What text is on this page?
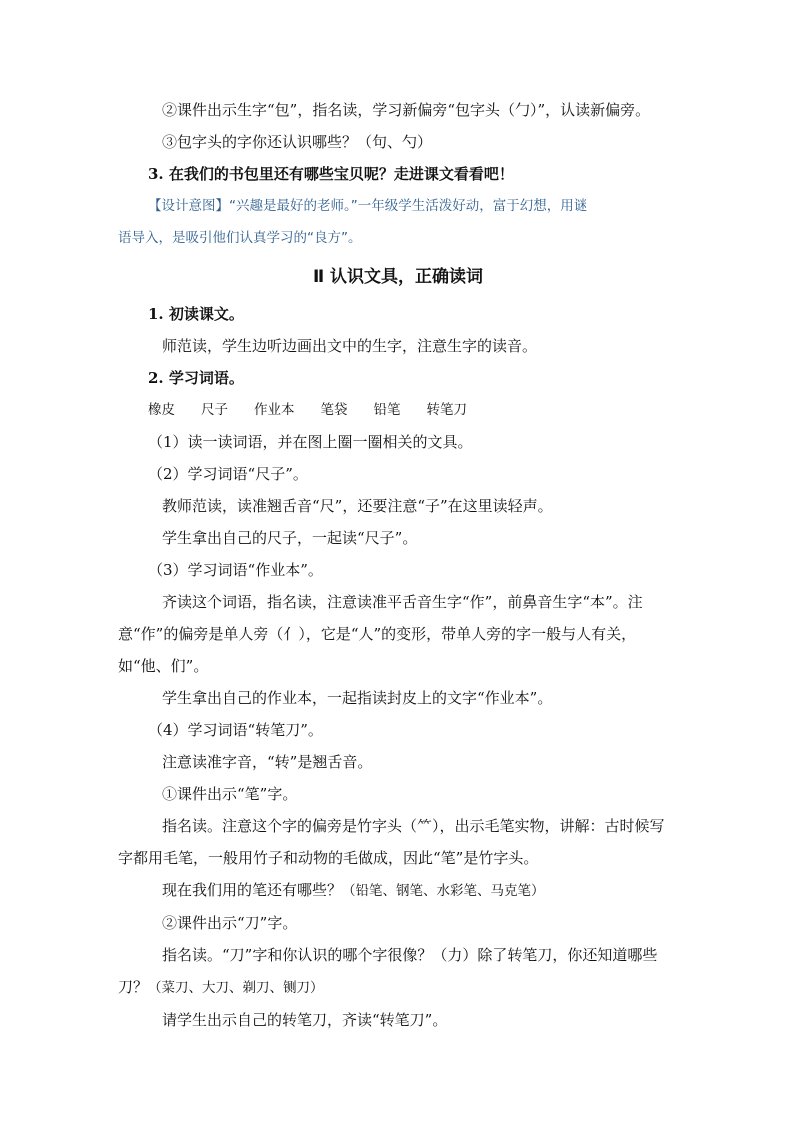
②课件出示生字“包”，指名读，学习新偏旁“包字头（勹）”，认读新偏旁。

③包字头的字你还认识哪些？（句、勺）

3. 在我们的书包里还有哪些宝贝呢？走进课文看看吧！

【设计意图】“兴趣是最好的老师。”一年级学生活泼好动，富于幻想，用谜

语导入，是吸引他们认真学习的“良方”。

Ⅱ 认识文具，正确读词

1. 初读课文。

师范读，学生边听边画出文中的生字，注意生字的读音。

2. 学习词语。

橡皮 尺子 作业本 笔袋 铅笔 转笔刀

（1）读一读词语，并在图上圈一圈相关的文具。

（2）学习词语“尺子”。

教师范读，读准翘舌音“尺”，还要注意“子”在这里读轻声。

学生拿出自己的尺子，一起读“尺子”。

（3）学习词语“作业本”。

齐读这个词语，指名读，注意读准平舌音生字“作”，前鼻音生字“本”。注意“作”的偏旁是单人旁（亻），它是“人”的变形，带单人旁的字一般与人有关，如“他、们”。

学生拿出自己的作业本，一起指读封皮上的文字“作业本”。

（4）学习词语“转笔刀”。

注意读准字音，“转”是翘舌音。

①课件出示“笔”字。

指名读。注意这个字的偏旁是竹字头（⺮），出示毛笔实物，讲解：古时候写字都用毛笔，一般用竹子和动物的毛做成，因此“笔”是竹字头。

现在我们用的笔还有哪些？（铅笔、钢笔、水彩笔、马克笔）

②课件出示“刀”字。

指名读。“刀”字和你认识的哪个字很像？（力）除了转笔刀，你还知道哪些刀？（菜刀、大刀、剃刀、铡刀）

请学生出示自己的转笔刀，齐读“转笔刀”。
